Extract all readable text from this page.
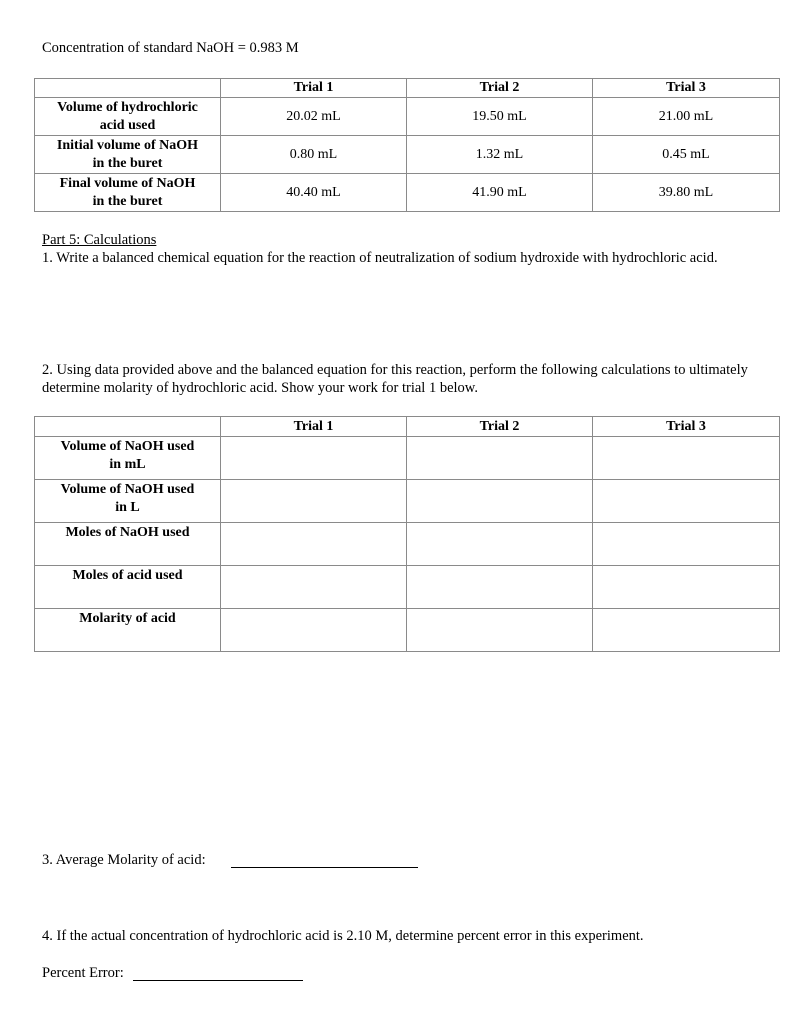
Concentration of standard NaOH = 0.983 M
	Trial 1	Trial 2	Trial 3

Volume of hydrochloric
acid used	20.02 mL	19.50 mL	21.00 mL

Initial volume of NaOH
in the buret	0.80 mL	1.32 mL	0.45 mL

Final volume of NaOH
in the buret	40.40 mL	41.90 mL	39.80 mL
Part 5: Calculations
1. Write a balanced chemical equation for the reaction of neutralization of sodium hydroxide with hydrochloric acid.
2. Using data provided above and the balanced equation for this reaction, perform the following calculations to ultimately determine molarity of hydrochloric acid. Show your work for trial 1 below.
	Trial 1	Trial 2	Trial 3

Volume of NaOH used
in mL

Volume of NaOH used
in L

Moles of NaOH used

Moles of acid used

Molarity of acid

3. Average Molarity of acid:
4. If the actual concentration of hydrochloric acid is 2.10 M, determine percent error in this experiment.
Percent Error:
